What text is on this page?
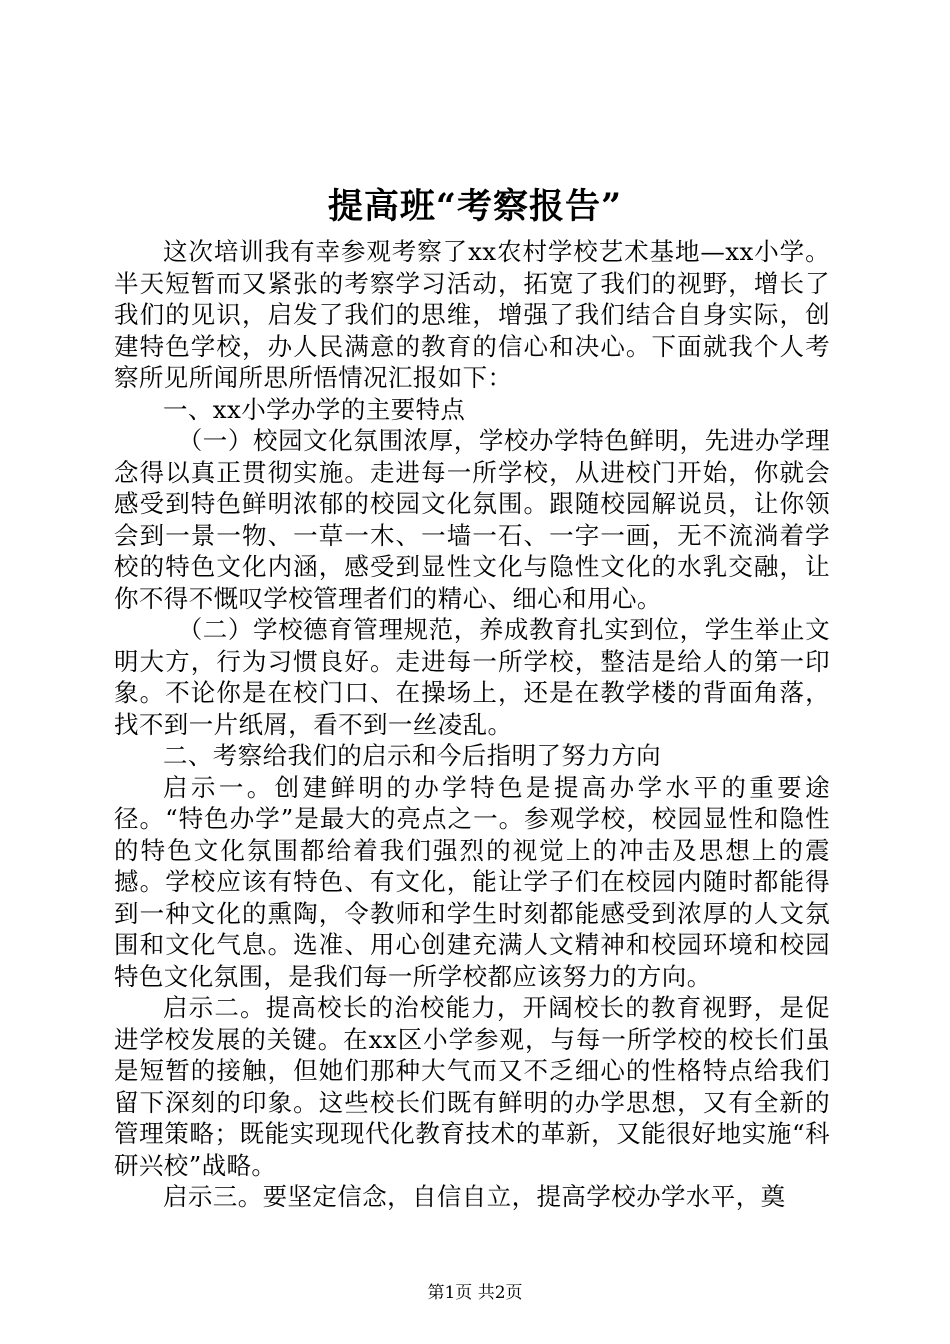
提高班“考察报告”

这次培训我有幸参观考察了xx农村学校艺术基地—xx小学。半天短暂而又紧张的考察学习活动，拓宽了我们的视野，增长了我们的见识，启发了我们的思维，增强了我们结合自身实际，创建特色学校，办人民满意的教育的信心和决心。下面就我个人考察所见所闻所思所悟情况汇报如下：

一、xx小学办学的主要特点

（一）校园文化氛围浓厚，学校办学特色鲜明，先进办学理念得以真正贯彻实施。走进每一所学校，从进校门开始，你就会感受到特色鲜明浓郁的校园文化氛围。跟随校园解说员，让你领会到一景一物、一草一木、一墙一石、一字一画，无不流淌着学校的特色文化内涵，感受到显性文化与隐性文化的水乳交融，让你不得不慨叹学校管理者们的精心、细心和用心。

（二）学校德育管理规范，养成教育扎实到位，学生举止文明大方，行为习惯良好。走进每一所学校，整洁是给人的第一印象。不论你是在校门口、在操场上，还是在教学楼的背面角落，找不到一片纸屑，看不到一丝凌乱。

二、考察给我们的启示和今后指明了努力方向

启示一。创建鲜明的办学特色是提高办学水平的重要途径。“特色办学”是最大的亮点之一。参观学校，校园显性和隐性的特色文化氛围都给着我们强烈的视觉上的冲击及思想上的震撼。学校应该有特色、有文化，能让学子们在校园内随时都能得到一种文化的熏陶，令教师和学生时刻都能感受到浓厚的人文氛围和文化气息。选准、用心创建充满人文精神和校园环境和校园特色文化氛围，是我们每一所学校都应该努力的方向。

启示二。提高校长的治校能力，开阔校长的教育视野，是促进学校发展的关键。在xx区小学参观，与每一所学校的校长们虽是短暂的接触，但她们那种大气而又不乏细心的性格特点给我们留下深刻的印象。这些校长们既有鲜明的办学思想，又有全新的管理策略；既能实现现代化教育技术的革新，又能很好地实施“科研兴校”战略。

启示三。要坚定信念，自信自立，提高学校办学水平，奠

第1页 共2页
